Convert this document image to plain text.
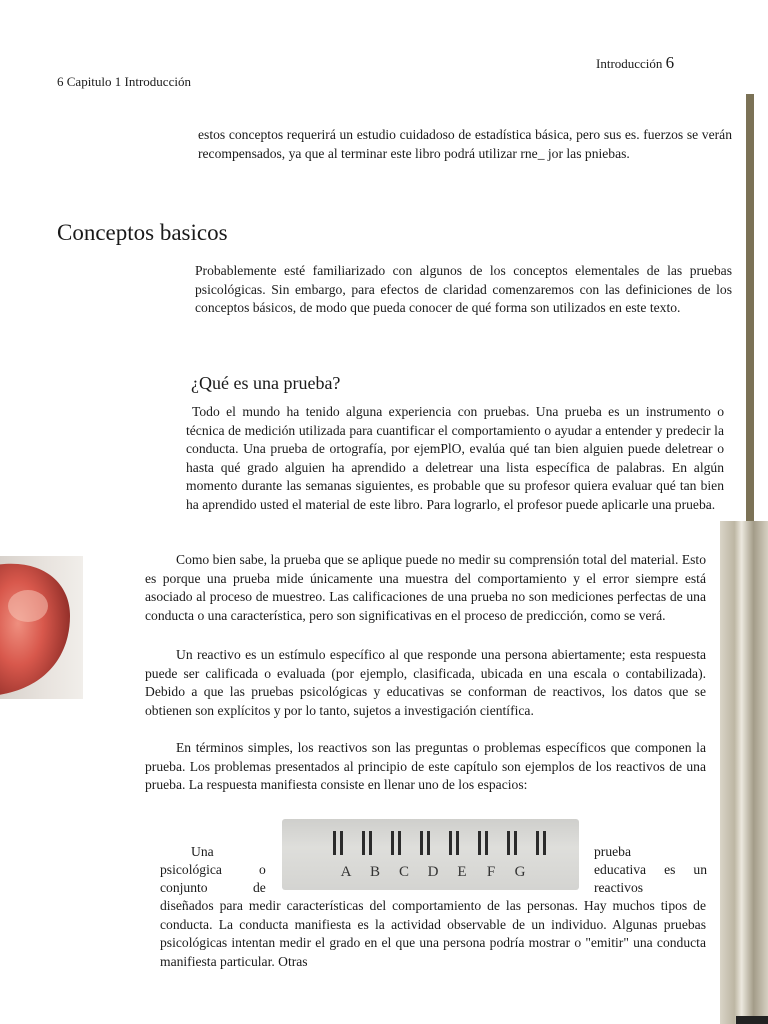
Introducción 6
6 Capitulo 1 Introducción

estos conceptos requerirá un estudio cuidadoso de estadística básica, pero sus es. fuerzos se verán recompensados, ya que al terminar este libro podrá utilizar rne_ jor las pniebas.

Conceptos basicos

Probablemente esté familiarizado con algunos de los conceptos elementales de las pruebas psicológicas. Sin embargo, para efectos de claridad comenzaremos con las definiciones de los conceptos básicos, de modo que pueda conocer de qué forma son utilizados en este texto.

¿Qué es una prueba?

Todo el mundo ha tenido alguna experiencia con pruebas. Una prueba es un instrumento o técnica de medición utilizada para cuantificar el comportamiento o ayudar a entender y predecir la conducta. Una prueba de ortografía, por ejemPlO, evalúa qué tan bien alguien puede deletrear o hasta qué grado alguien ha aprendido a deletrear una lista específica de palabras. En algún momento durante las semanas siguientes, es probable que su profesor quiera evaluar qué tan bien ha aprendido usted el material de este libro. Para lograrlo, el profesor puede aplicarle una prueba.

Como bien sabe, la prueba que se aplique puede no medir su comprensión total del material. Esto es porque una prueba mide únicamente una muestra del comportamiento y el error siempre está asociado al proceso de muestreo. Las calificaciones de una prueba no son mediciones perfectas de una conducta o una característica, pero son significativas en el proceso de predicción, como se verá.

Un reactivo es un estímulo específico al que responde una persona abiertamente; esta respuesta puede ser calificada o evaluada (por ejemplo, clasificada, ubicada en una escala o contabilizada). Debido a que las pruebas psicológicas y educativas se conforman de reactivos, los datos que se obtienen son explícitos y por lo tanto, sujetos a investigación científica.

En términos simples, los reactivos son las preguntas o problemas específicos que componen la prueba. Los problemas presentados al principio de este capítulo son ejemplos de los reactivos de una prueba. La respuesta manifiesta consiste en llenar uno de los espacios:

A B C D E F G
Una	prueba
psicológica	o	educativa es un
conjunto	de	reactivos

diseñados para medir características del comportamiento de las personas. Hay muchos tipos de conducta. La conducta manifiesta es la actividad observable de un individuo. Algunas pruebas psicológicas intentan medir el grado en el que una persona podría mostrar o "emitir" una conducta manifiesta particular. Otras
